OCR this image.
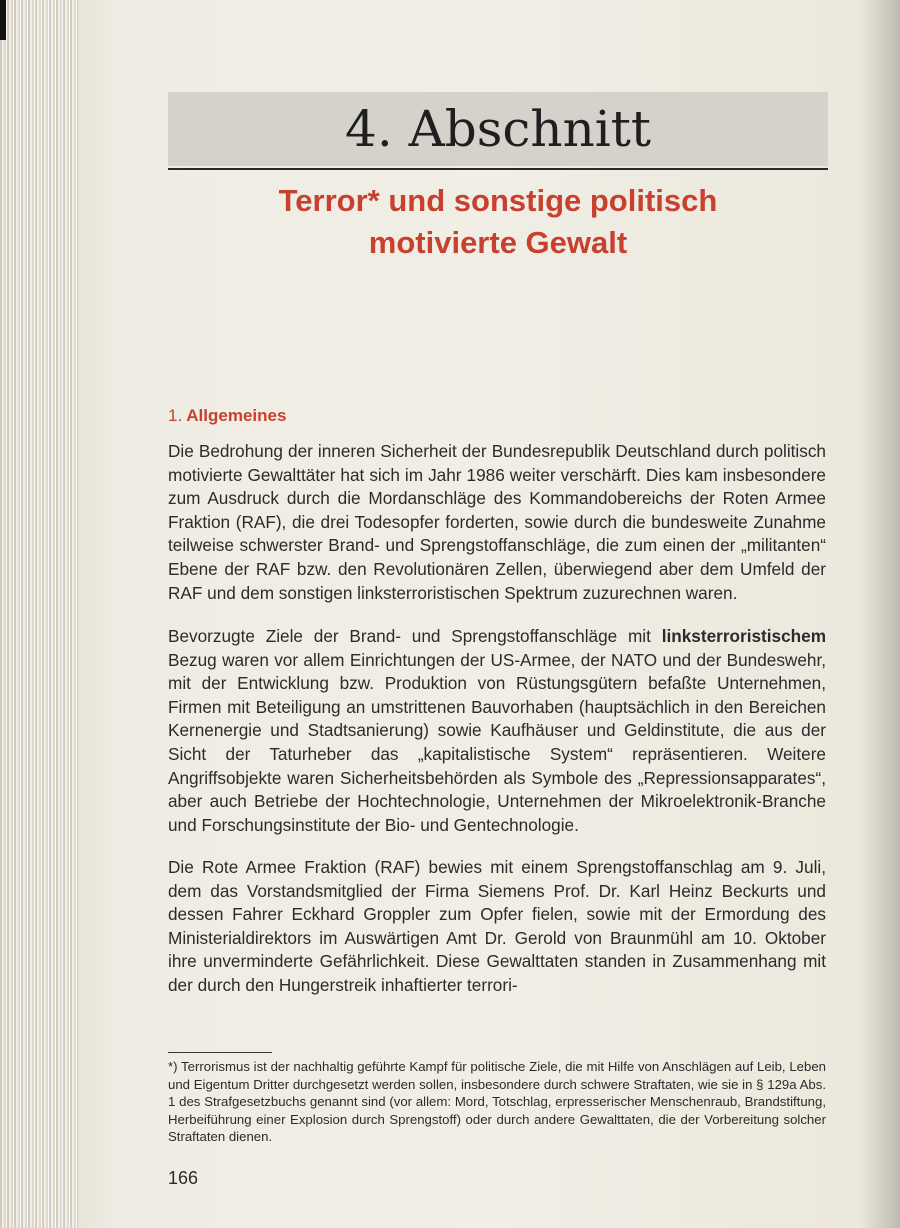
4. Abschnitt
Terror* und sonstige politisch
motivierte Gewalt
1. Allgemeines

Die Bedrohung der inneren Sicherheit der Bundesrepublik Deutschland durch politisch motivierte Gewalttäter hat sich im Jahr 1986 weiter verschärft. Dies kam insbesondere zum Ausdruck durch die Mordanschläge des Kommandobereichs der Roten Armee Fraktion (RAF), die drei Todesopfer forderten, sowie durch die bundesweite Zunahme teilweise schwerster Brand- und Sprengstoffanschläge, die zum einen der „militanten“ Ebene der RAF bzw. den Revolutionären Zellen, überwiegend aber dem Umfeld der RAF und dem sonstigen linksterroristischen Spektrum zuzurechnen waren.

Bevorzugte Ziele der Brand- und Sprengstoffanschläge mit linksterroristischem Bezug waren vor allem Einrichtungen der US-Armee, der NATO und der Bundeswehr, mit der Entwicklung bzw. Produktion von Rüstungsgütern befaßte Unternehmen, Firmen mit Beteiligung an umstrittenen Bauvorhaben (hauptsächlich in den Bereichen Kernenergie und Stadtsanierung) sowie Kaufhäuser und Geldinstitute, die aus der Sicht der Taturheber das „kapitalistische System“ repräsentieren. Weitere Angriffsobjekte waren Sicherheitsbehörden als Symbole des „Repressionsapparates“, aber auch Betriebe der Hochtechnologie, Unternehmen der Mikroelektronik-Branche und Forschungsinstitute der Bio- und Gentechnologie.

Die Rote Armee Fraktion (RAF) bewies mit einem Sprengstoffanschlag am 9. Juli, dem das Vorstandsmitglied der Firma Siemens Prof. Dr. Karl Heinz Beckurts und dessen Fahrer Eckhard Groppler zum Opfer fielen, sowie mit der Ermordung des Ministerialdirektors im Auswärtigen Amt Dr. Gerold von Braunmühl am 10. Oktober ihre unverminderte Gefährlichkeit. Diese Gewalttaten standen in Zusammenhang mit der durch den Hungerstreik inhaftierter terrori-

*) Terrorismus ist der nachhaltig geführte Kampf für politische Ziele, die mit Hilfe von Anschlägen auf Leib, Leben und Eigentum Dritter durchgesetzt werden sollen, insbesondere durch schwere Straftaten, wie sie in § 129a Abs. 1 des Strafgesetzbuchs genannt sind (vor allem: Mord, Totschlag, erpresserischer Menschenraub, Brandstiftung, Herbeiführung einer Explosion durch Sprengstoff) oder durch andere Gewalttaten, die der Vorbereitung solcher Straftaten dienen.

166
